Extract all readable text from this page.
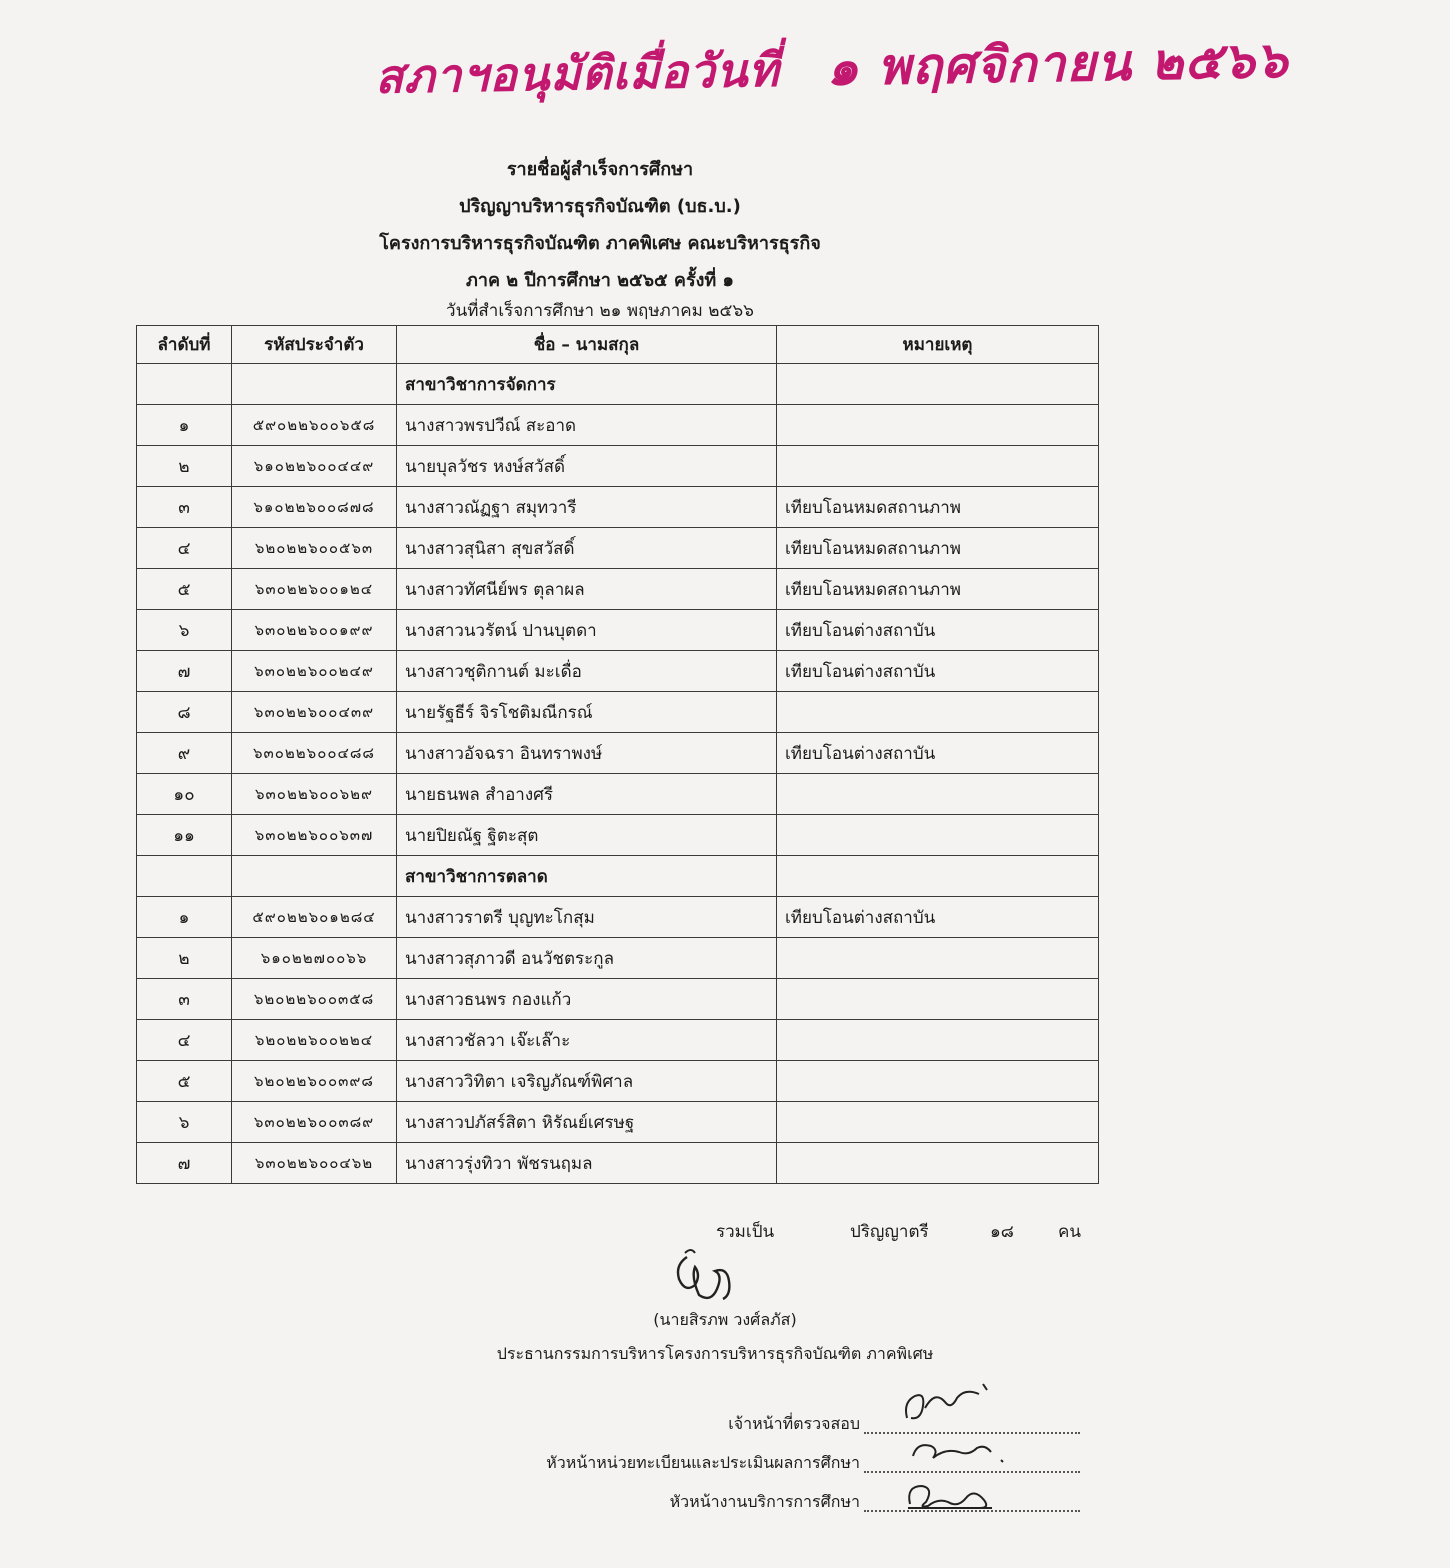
สภาฯอนุมัติเมื่อวันที่ ๑ พฤศจิกายน ๒๕๖๖
รายชื่อผู้สำเร็จการศึกษา
ปริญญาบริหารธุรกิจบัณฑิต (บธ.บ.)
โครงการบริหารธุรกิจบัณฑิต ภาคพิเศษ คณะบริหารธุรกิจ
ภาค ๒ ปีการศึกษา ๒๕๖๕ ครั้งที่ ๑
วันที่สำเร็จการศึกษา ๒๑ พฤษภาคม ๒๕๖๖
ลำดับที่	รหัสประจำตัว	ชื่อ – นามสกุล	หมายเหตุ
		สาขาวิชาการจัดการ	
๑	๕๙๐๒๒๖๐๐๖๕๘	นางสาวพรปวีณ์ สะอาด	
๒	๖๑๐๒๒๖๐๐๔๔๙	นายบุลวัชร หงษ์สวัสดิ์	
๓	๖๑๐๒๒๖๐๐๘๗๘	นางสาวณัฏฐา สมุทวารี	เทียบโอนหมดสถานภาพ
๔	๖๒๐๒๒๖๐๐๕๖๓	นางสาวสุนิสา สุขสวัสดิ์	เทียบโอนหมดสถานภาพ
๕	๖๓๐๒๒๖๐๐๑๒๔	นางสาวทัศนีย์พร ตุลาผล	เทียบโอนหมดสถานภาพ
๖	๖๓๐๒๒๖๐๐๑๙๙	นางสาวนวรัตน์ ปานบุตดา	เทียบโอนต่างสถาบัน
๗	๖๓๐๒๒๖๐๐๒๔๙	นางสาวชุติกานต์ มะเดื่อ	เทียบโอนต่างสถาบัน
๘	๖๓๐๒๒๖๐๐๔๓๙	นายรัฐธีร์ จิรโชติมณีกรณ์	
๙	๖๓๐๒๒๖๐๐๔๘๘	นางสาวอัจฉรา อินทราพงษ์	เทียบโอนต่างสถาบัน
๑๐	๖๓๐๒๒๖๐๐๖๒๙	นายธนพล สำอางศรี	
๑๑	๖๓๐๒๒๖๐๐๖๓๗	นายปิยณัฐ ฐิตะสุต	
		สาขาวิชาการตลาด	
๑	๕๙๐๒๒๖๐๑๒๘๔	นางสาวราตรี บุญทะโกสุม	เทียบโอนต่างสถาบัน
๒	๖๑๐๒๒๗๐๐๖๖	นางสาวสุภาวดี อนวัชตระกูล	
๓	๖๒๐๒๒๖๐๐๓๕๘	นางสาวธนพร กองแก้ว	
๔	๖๒๐๒๒๖๐๐๒๒๔	นางสาวชัลวา เจ๊ะเล๊าะ	
๕	๖๒๐๒๒๖๐๐๓๙๘	นางสาววิทิตา เจริญภัณฑ์พิศาล	
๖	๖๓๐๒๒๖๐๐๓๘๙	นางสาวปภัสร์สิตา หิรัณย์เศรษฐ	
๗	๖๓๐๒๒๖๐๐๔๖๒	นางสาวรุ่งทิวา พัชรนฤมล	
รวมเป็น	ปริญญาตรี	๑๘	คน
(นายสิรภพ วงศ์ลภัส)
ประธานกรรมการบริหารโครงการบริหารธุรกิจบัณฑิต ภาคพิเศษ
เจ้าหน้าที่ตรวจสอบ
หัวหน้าหน่วยทะเบียนและประเมินผลการศึกษา
หัวหน้างานบริการการศึกษา
